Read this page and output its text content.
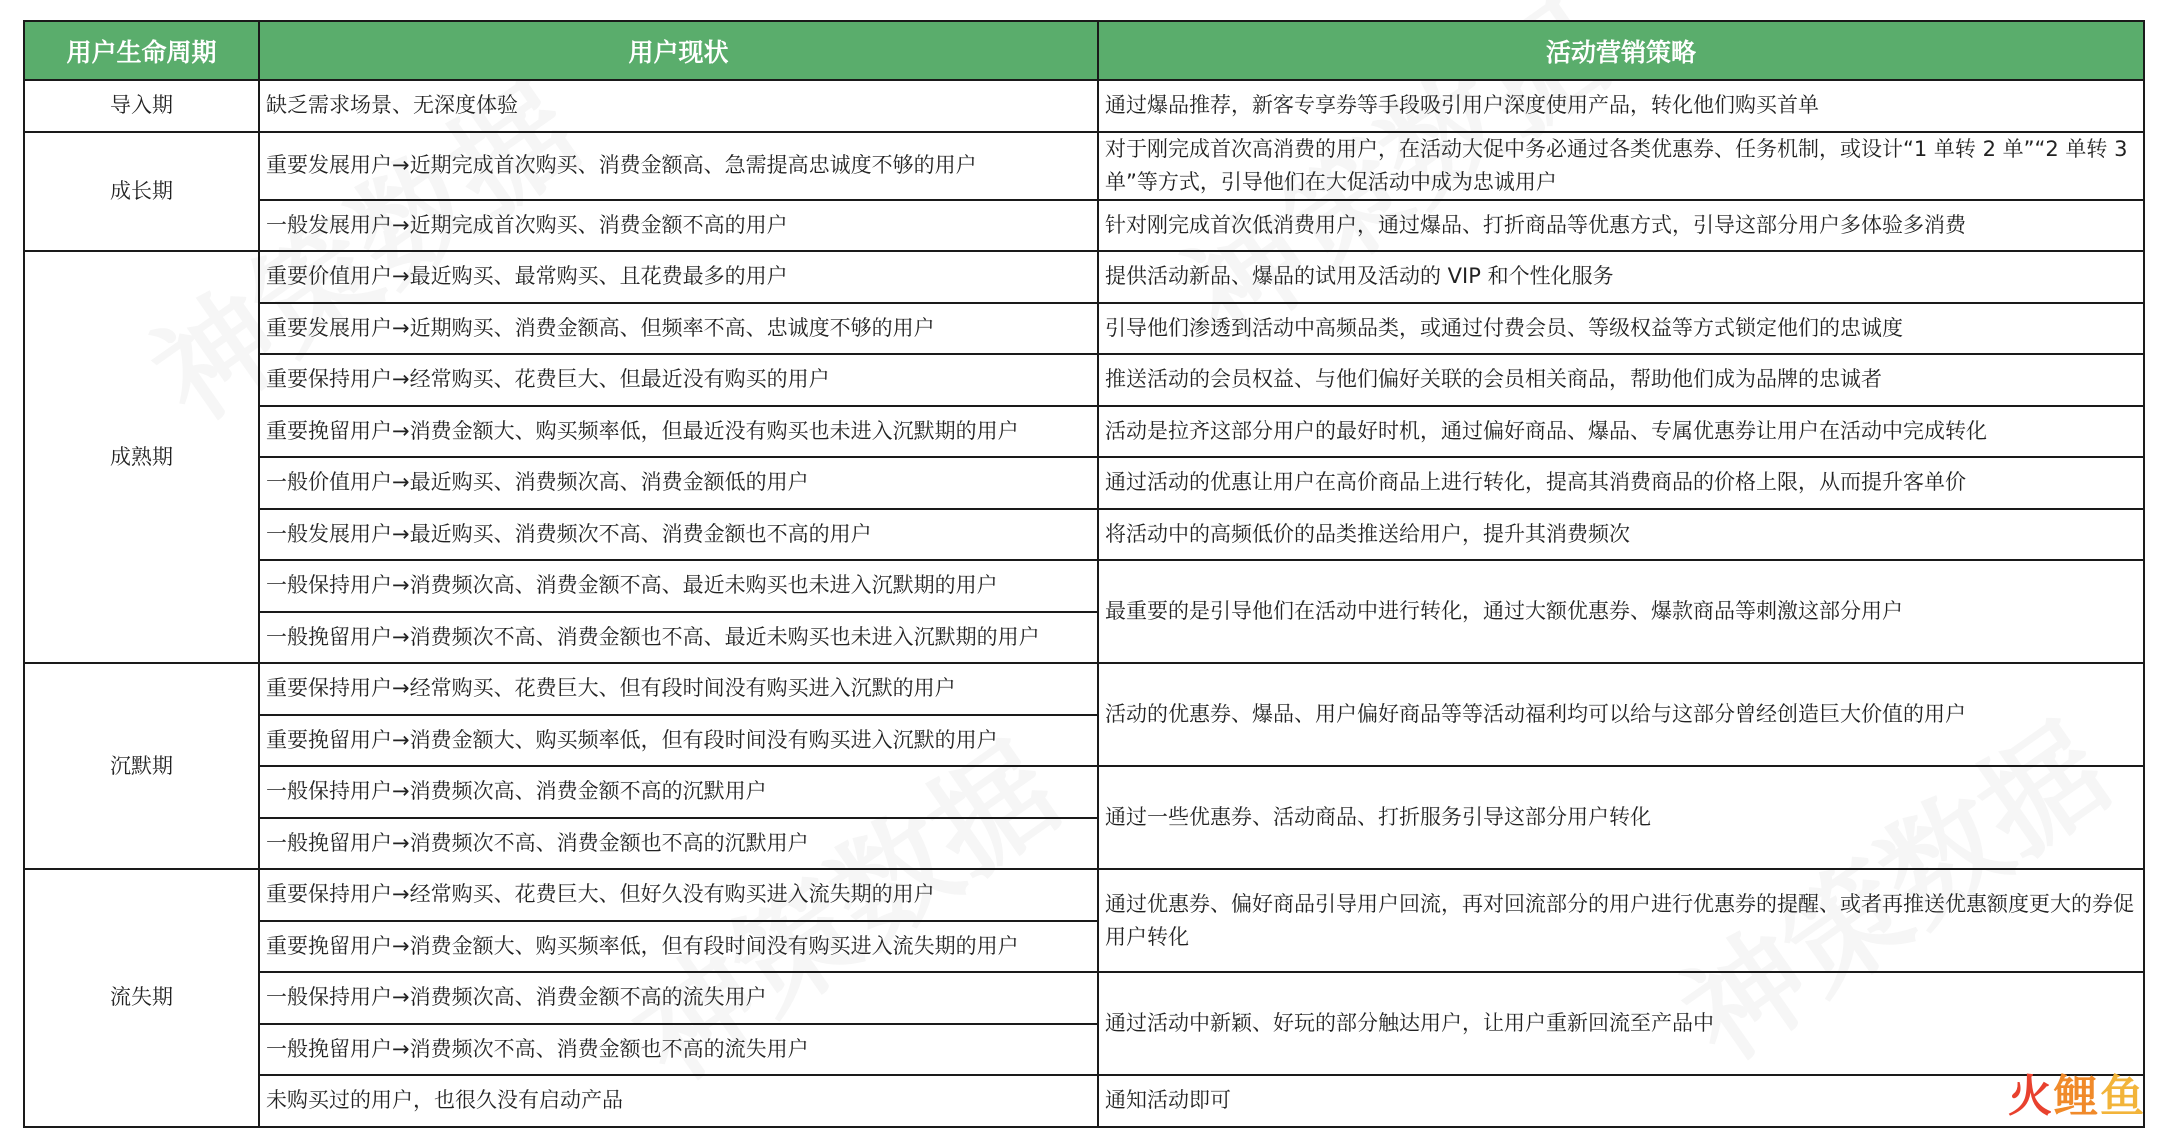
用户生命周期	用户现状	活动营销策略
导入期	缺乏需求场景、无深度体验	通过爆品推荐，新客专享券等手段吸引用户深度使用产品，转化他们购买首单
成长期	重要发展用户→近期完成首次购买、消费金额高、急需提高忠诚度不够的用户	对于刚完成首次高消费的用户，在活动大促中务必通过各类优惠券、任务机制，或设计“1 单转 2 单”“2 单转 3 单”等方式，引导他们在大促活动中成为忠诚用户
	一般发展用户→近期完成首次购买、消费金额不高的用户	针对刚完成首次低消费用户，通过爆品、打折商品等优惠方式，引导这部分用户多体验多消费
成熟期	重要价值用户→最近购买、最常购买、且花费最多的用户	提供活动新品、爆品的试用及活动的 VIP 和个性化服务
	重要发展用户→近期购买、消费金额高、但频率不高、忠诚度不够的用户	引导他们渗透到活动中高频品类，或通过付费会员、等级权益等方式锁定他们的忠诚度
	重要保持用户→经常购买、花费巨大、但最近没有购买的用户	推送活动的会员权益、与他们偏好关联的会员相关商品，帮助他们成为品牌的忠诚者
	重要挽留用户→消费金额大、购买频率低，但最近没有购买也未进入沉默期的用户	活动是拉齐这部分用户的最好时机，通过偏好商品、爆品、专属优惠券让用户在活动中完成转化
	一般价值用户→最近购买、消费频次高、消费金额低的用户	通过活动的优惠让用户在高价商品上进行转化，提高其消费商品的价格上限，从而提升客单价
	一般发展用户→最近购买、消费频次不高、消费金额也不高的用户	将活动中的高频低价的品类推送给用户，提升其消费频次
	一般保持用户→消费频次高、消费金额不高、最近未购买也未进入沉默期的用户	最重要的是引导他们在活动中进行转化，通过大额优惠券、爆款商品等刺激这部分用户
	一般挽留用户→消费频次不高、消费金额也不高、最近未购买也未进入沉默期的用户	
沉默期	重要保持用户→经常购买、花费巨大、但有段时间没有购买进入沉默的用户	活动的优惠券、爆品、用户偏好商品等等活动福利均可以给与这部分曾经创造巨大价值的用户
	重要挽留用户→消费金额大、购买频率低，但有段时间没有购买进入沉默的用户	
	一般保持用户→消费频次高、消费金额不高的沉默用户	通过一些优惠券、活动商品、打折服务引导这部分用户转化
	一般挽留用户→消费频次不高、消费金额也不高的沉默用户	
流失期	重要保持用户→经常购买、花费巨大、但好久没有购买进入流失期的用户	通过优惠券、偏好商品引导用户回流，再对回流部分的用户进行优惠券的提醒、或者再推送优惠额度更大的券促用户转化
	重要挽留用户→消费金额大、购买频率低，但有段时间没有购买进入流失期的用户	
	一般保持用户→消费频次高、消费金额不高的流失用户	通过活动中新颖、好玩的部分触达用户，让用户重新回流至产品中
	一般挽留用户→消费频次不高、消费金额也不高的流失用户	
	未购买过的用户，也很久没有启动产品	通知活动即可	火 鲤 鱼
